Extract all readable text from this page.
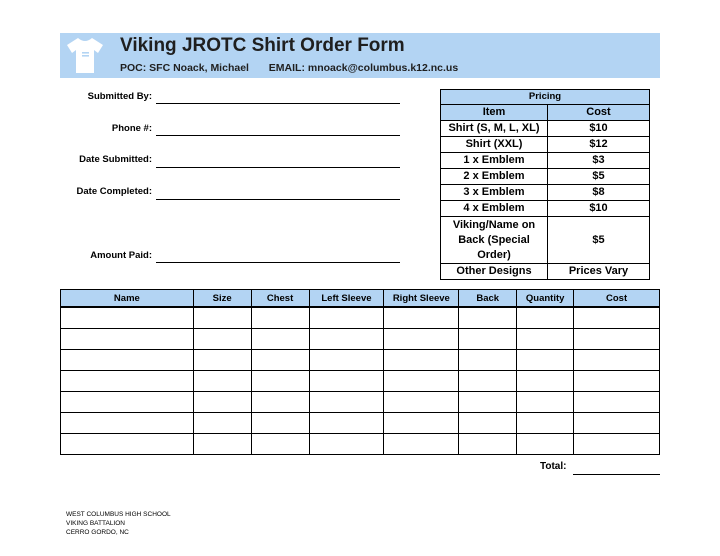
Viking JROTC Shirt Order Form
POC: SFC Noack, Michael EMAIL: mnoack@columbus.k12.nc.us
Submitted By:
Phone #:
Date Submitted:
Date Completed:
Amount Paid:
Pricing	
Item	Cost
Shirt (S, M, L, XL)	$10
Shirt (XXL)	$12
1 x Emblem	$3
2 x Emblem	$5
3 x Emblem	$8
4 x Emblem	$10
Viking/Name on Back (Special Order)	$5
Other Designs	Prices Vary
Name	Size	Chest	Left Sleeve	Right Sleeve	Back	Quantity	Cost

Total:
WEST COLUMBUS HIGH SCHOOL
VIKING BATTALION
CERRO GORDO, NC
